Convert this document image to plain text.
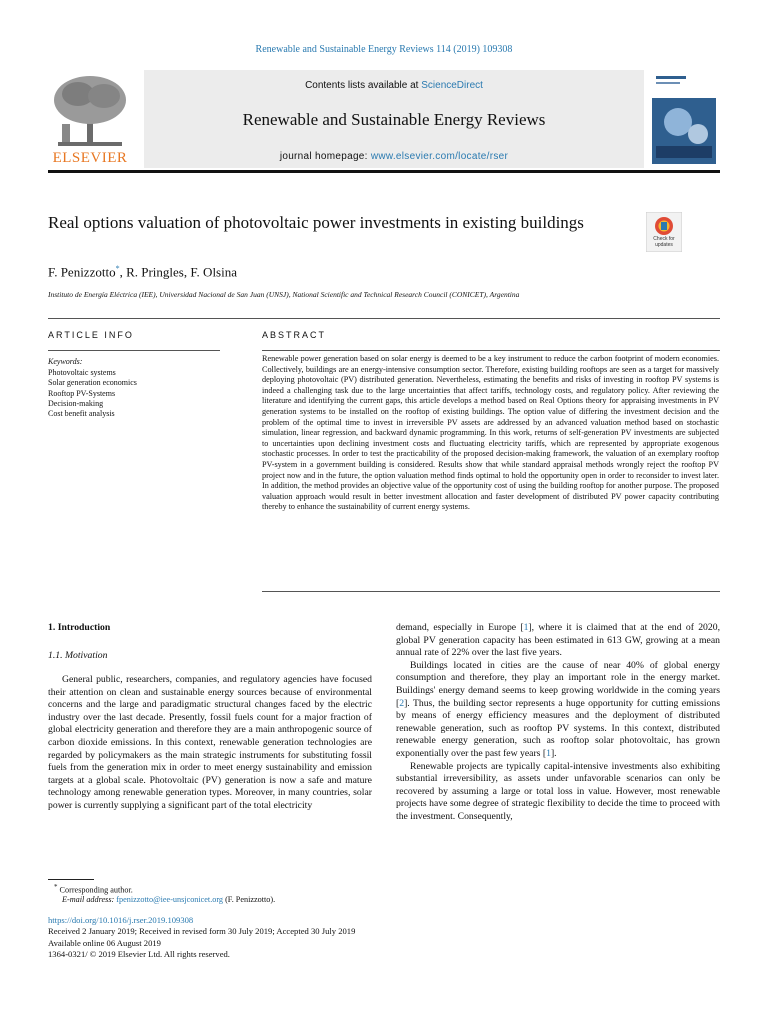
Renewable and Sustainable Energy Reviews 114 (2019) 109308
ELSEVIER
Contents lists available at ScienceDirect
Renewable and Sustainable Energy Reviews
journal homepage: www.elsevier.com/locate/rser
Real options valuation of photovoltaic power investments in existing buildings
Check for updates
F. Penizzotto*, R. Pringles, F. Olsina
Instituto de Energía Eléctrica (IEE), Universidad Nacional de San Juan (UNSJ), National Scientific and Technical Research Council (CONICET), Argentina
ARTICLE INFO	ABSTRACT
Keywords:
Photovoltaic systems
Solar generation economics
Rooftop PV-Systems
Decision-making
Cost benefit analysis
Renewable power generation based on solar energy is deemed to be a key instrument to reduce the carbon footprint of modern economies. Collectively, buildings are an energy-intensive consumption sector. Therefore, existing building rooftops are seen as a target for massively deploying photovoltaic (PV) distributed generation. Nevertheless, estimating the benefits and risks of investing in rooftop PV systems is indeed a challenging task due to the large uncertainties that affect tariffs, technology costs, and regulatory policy. After reviewing the literature and identifying the current gaps, this article develops a method based on Real Options theory for appraising investments in PV generation systems to be installed on the rooftop of existing buildings. The option value of differing the investment decision and the problem of the optimal time to invest in irreversible PV assets are addressed by an advanced valuation method based on stochastic simulation, linear regression, and backward dynamic programming. In this work, returns of self-generation PV investments are subjected to uncertainties upon declining investment costs and fluctuating electricity tariffs, which are represented by appropriate exogenous stochastic processes. In order to test the practicability of the proposed decision-making framework, the valuation of an exemplary rooftop PV-system in a government building is considered. Results show that while standard appraisal methods wrongly reject the rooftop PV project now and in the future, the option valuation method finds optimal to hold the opportunity open in order to reconsider to invest later. In addition, the method provides an objective value of the opportunity cost of using the building rooftop for another purpose. The proposed valuation approach would result in better investment allocation and faster development of distributed PV power capacity contributing thereby to enhance the sustainability of current energy systems.
1. Introduction
1.1. Motivation
General public, researchers, companies, and regulatory agencies have focused their attention on clean and sustainable energy sources because of environmental concerns and the large and paradigmatic structural changes faced by the electric industry over the last decade. Presently, fossil fuels count for a major fraction of global electricity generation and therefore they are a main anthropogenic source of carbon dioxide emissions. In this context, renewable generation technologies are regarded by policymakers as the main strategic instruments for substituting fossil fuels from the generation mix in order to meet energy sustainability and emission targets at a global scale. Photovoltaic (PV) generation is now a safe and mature technology among renewable generation types. Moreover, in many countries, solar power is currently supplying a significant part of the total electricity

demand, especially in Europe [1], where it is claimed that at the end of 2020, global PV generation capacity has been estimated in 613 GW, growing at a mean annual rate of 22% over the last five years.

Buildings located in cities are the cause of near 40% of global energy consumption and therefore, they play an important role in the energy market. Buildings' energy demand seems to keep growing worldwide in the coming years [2]. Thus, the building sector represents a huge opportunity for cutting emissions by means of energy efficiency measures and the deployment of distributed renewable generation, such as rooftop PV systems. In this context, distributed renewable energy generation, such as rooftop solar photovoltaic, has grown exponentially over the past few years [1].

Renewable projects are typically capital-intensive investments also exhibiting substantial irreversibility, as assets under unfavorable scenarios can only be recovered by assuming a large or total loss in value. However, most renewable projects have some degree of strategic flexibility to decide the time to proceed with the investment. Consequently,

* Corresponding author.
E-mail address: fpenizzotto@iee-unsjconicet.org (F. Penizzotto).
https://doi.org/10.1016/j.rser.2019.109308
Received 2 January 2019; Received in revised form 30 July 2019; Accepted 30 July 2019
Available online 06 August 2019
1364-0321/ © 2019 Elsevier Ltd. All rights reserved.
